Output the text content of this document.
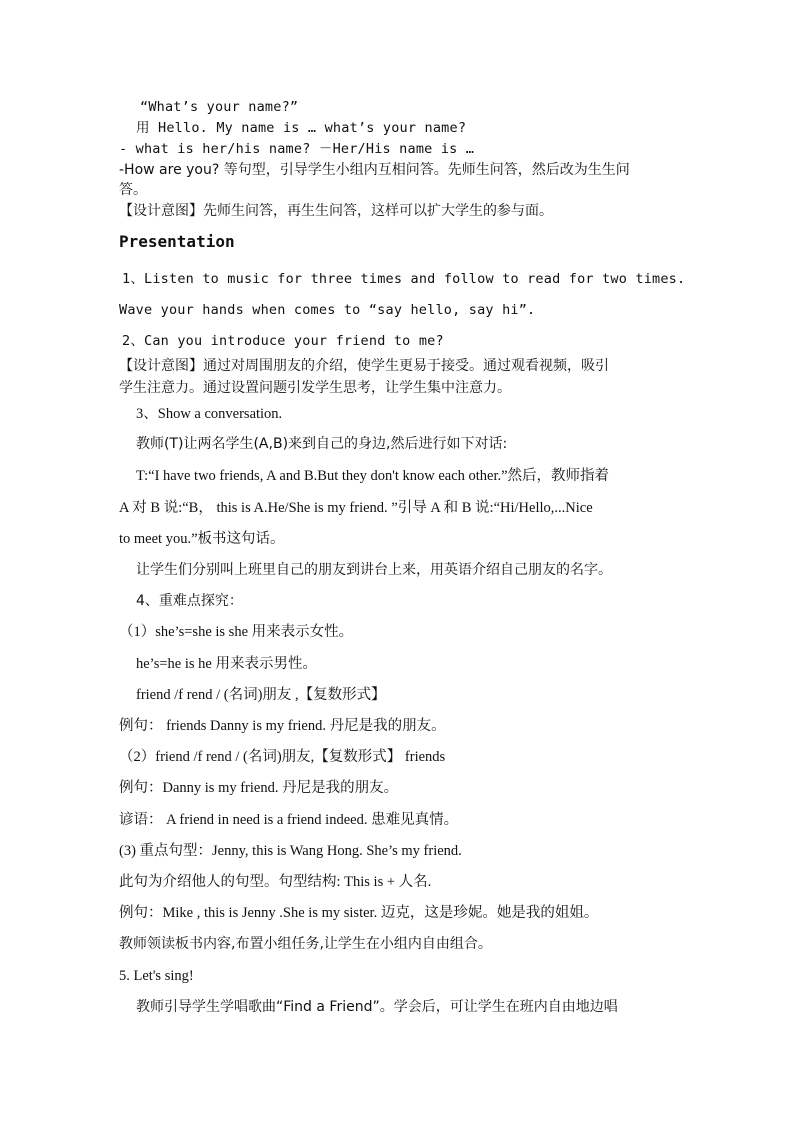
“What’s your name?”
用 Hello. My name is … what’s your name?
- what is her/his name? －Her/His name is …
-How are you? 等句型，引导学生小组内互相问答。先师生问答，然后改为生生问
答。
【设计意图】先师生问答，再生生问答，这样可以扩大学生的参与面。
Presentation
1、Listen to music for three times and follow to read for two times.
Wave your hands when comes to “say hello, say hi”.
2、Can you introduce your friend to me?
【设计意图】通过对周围朋友的介绍，使学生更易于接受。通过观看视频，吸引
学生注意力。通过设置问题引发学生思考，让学生集中注意力。
3、Show a conversation.
教师(T)让两名学生(A,B)来到自己的身边,然后进行如下对话:
T:“I have two friends, A and B.But they don't know each other.”然后，教师指着
A 对 B 说:“B， this is A.He/She is my friend. ”引导 A 和 B 说:“Hi/Hello,...Nice
to meet you.”板书这句话。
让学生们分别叫上班里自己的朋友到讲台上来，用英语介绍自己朋友的名字。
4、重难点探究：
（1）she’s=she is she 用来表示女性。
he’s=he is he 用来表示男性。
friend /f rend / (名词)朋友 ,【复数形式】
例句： friends Danny is my friend. 丹尼是我的朋友。
（2）friend /f rend / (名词)朋友,【复数形式】 friends
例句：Danny is my friend. 丹尼是我的朋友。
谚语： A friend in need is a friend indeed. 患难见真情。
(3) 重点句型：Jenny, this is Wang Hong. She’s my friend.
此句为介绍他人的句型。句型结构: This is + 人名.
例句：Mike , this is Jenny .She is my sister. 迈克，这是珍妮。她是我的姐姐。
教师领读板书内容,布置小组任务,让学生在小组内自由组合。
5. Let's sing!
教师引导学生学唱歌曲“Find a Friend”。学会后，可让学生在班内自由地边唱
